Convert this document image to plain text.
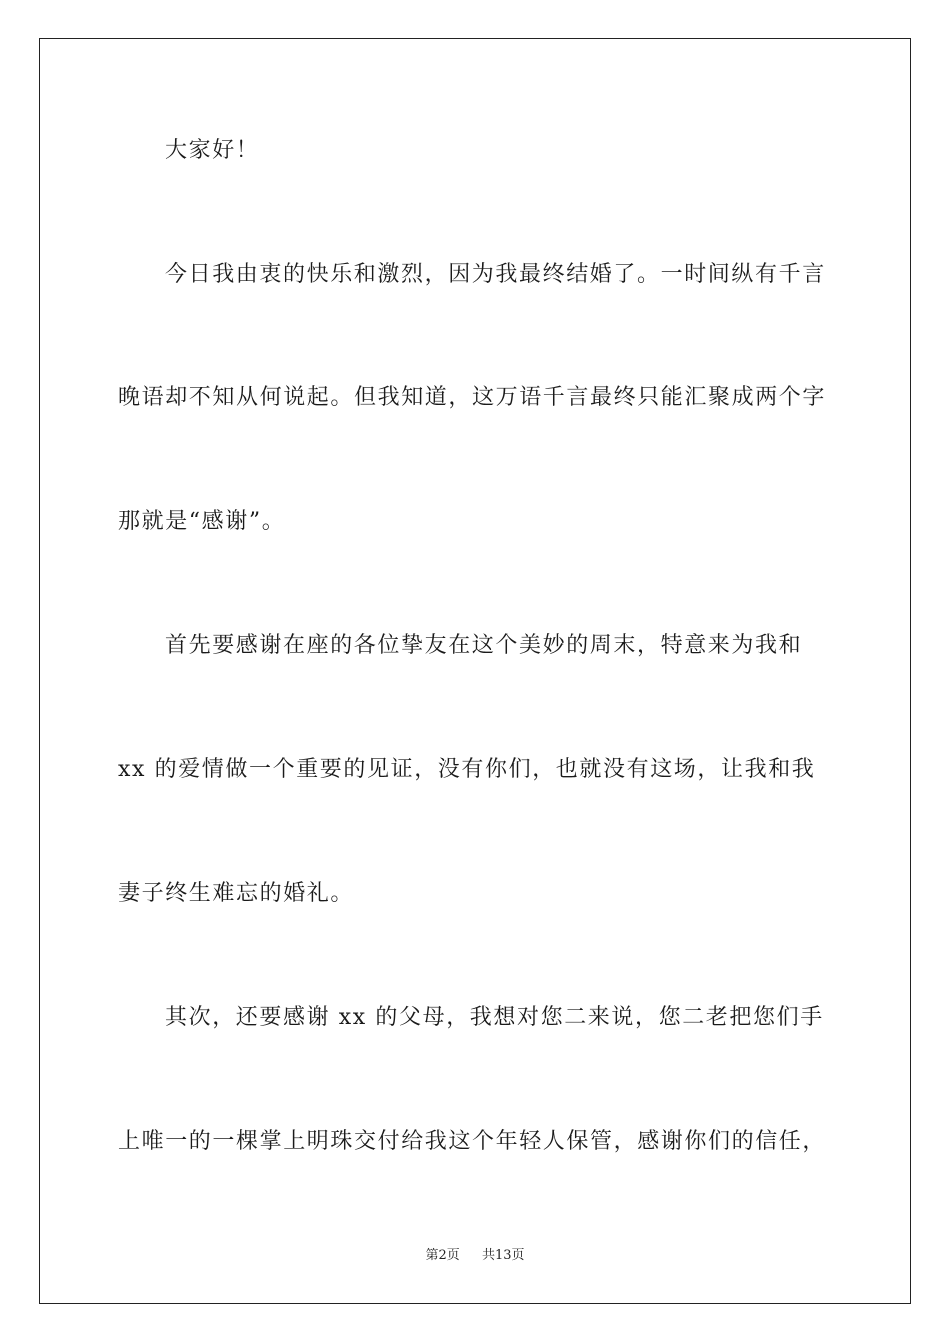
大家好！
今日我由衷的快乐和激烈，因为我最终结婚了。一时间纵有千言
晚语却不知从何说起。但我知道，这万语千言最终只能汇聚成两个字
那就是“感谢”。
首先要感谢在座的各位挚友在这个美妙的周末，特意来为我和
xx 的爱情做一个重要的见证，没有你们，也就没有这场，让我和我
妻子终生难忘的婚礼。
其次，还要感谢 xx 的父母，我想对您二来说，您二老把您们手
上唯一的一棵掌上明珠交付给我这个年轻人保管，感谢你们的信任，
第2页 共13页
